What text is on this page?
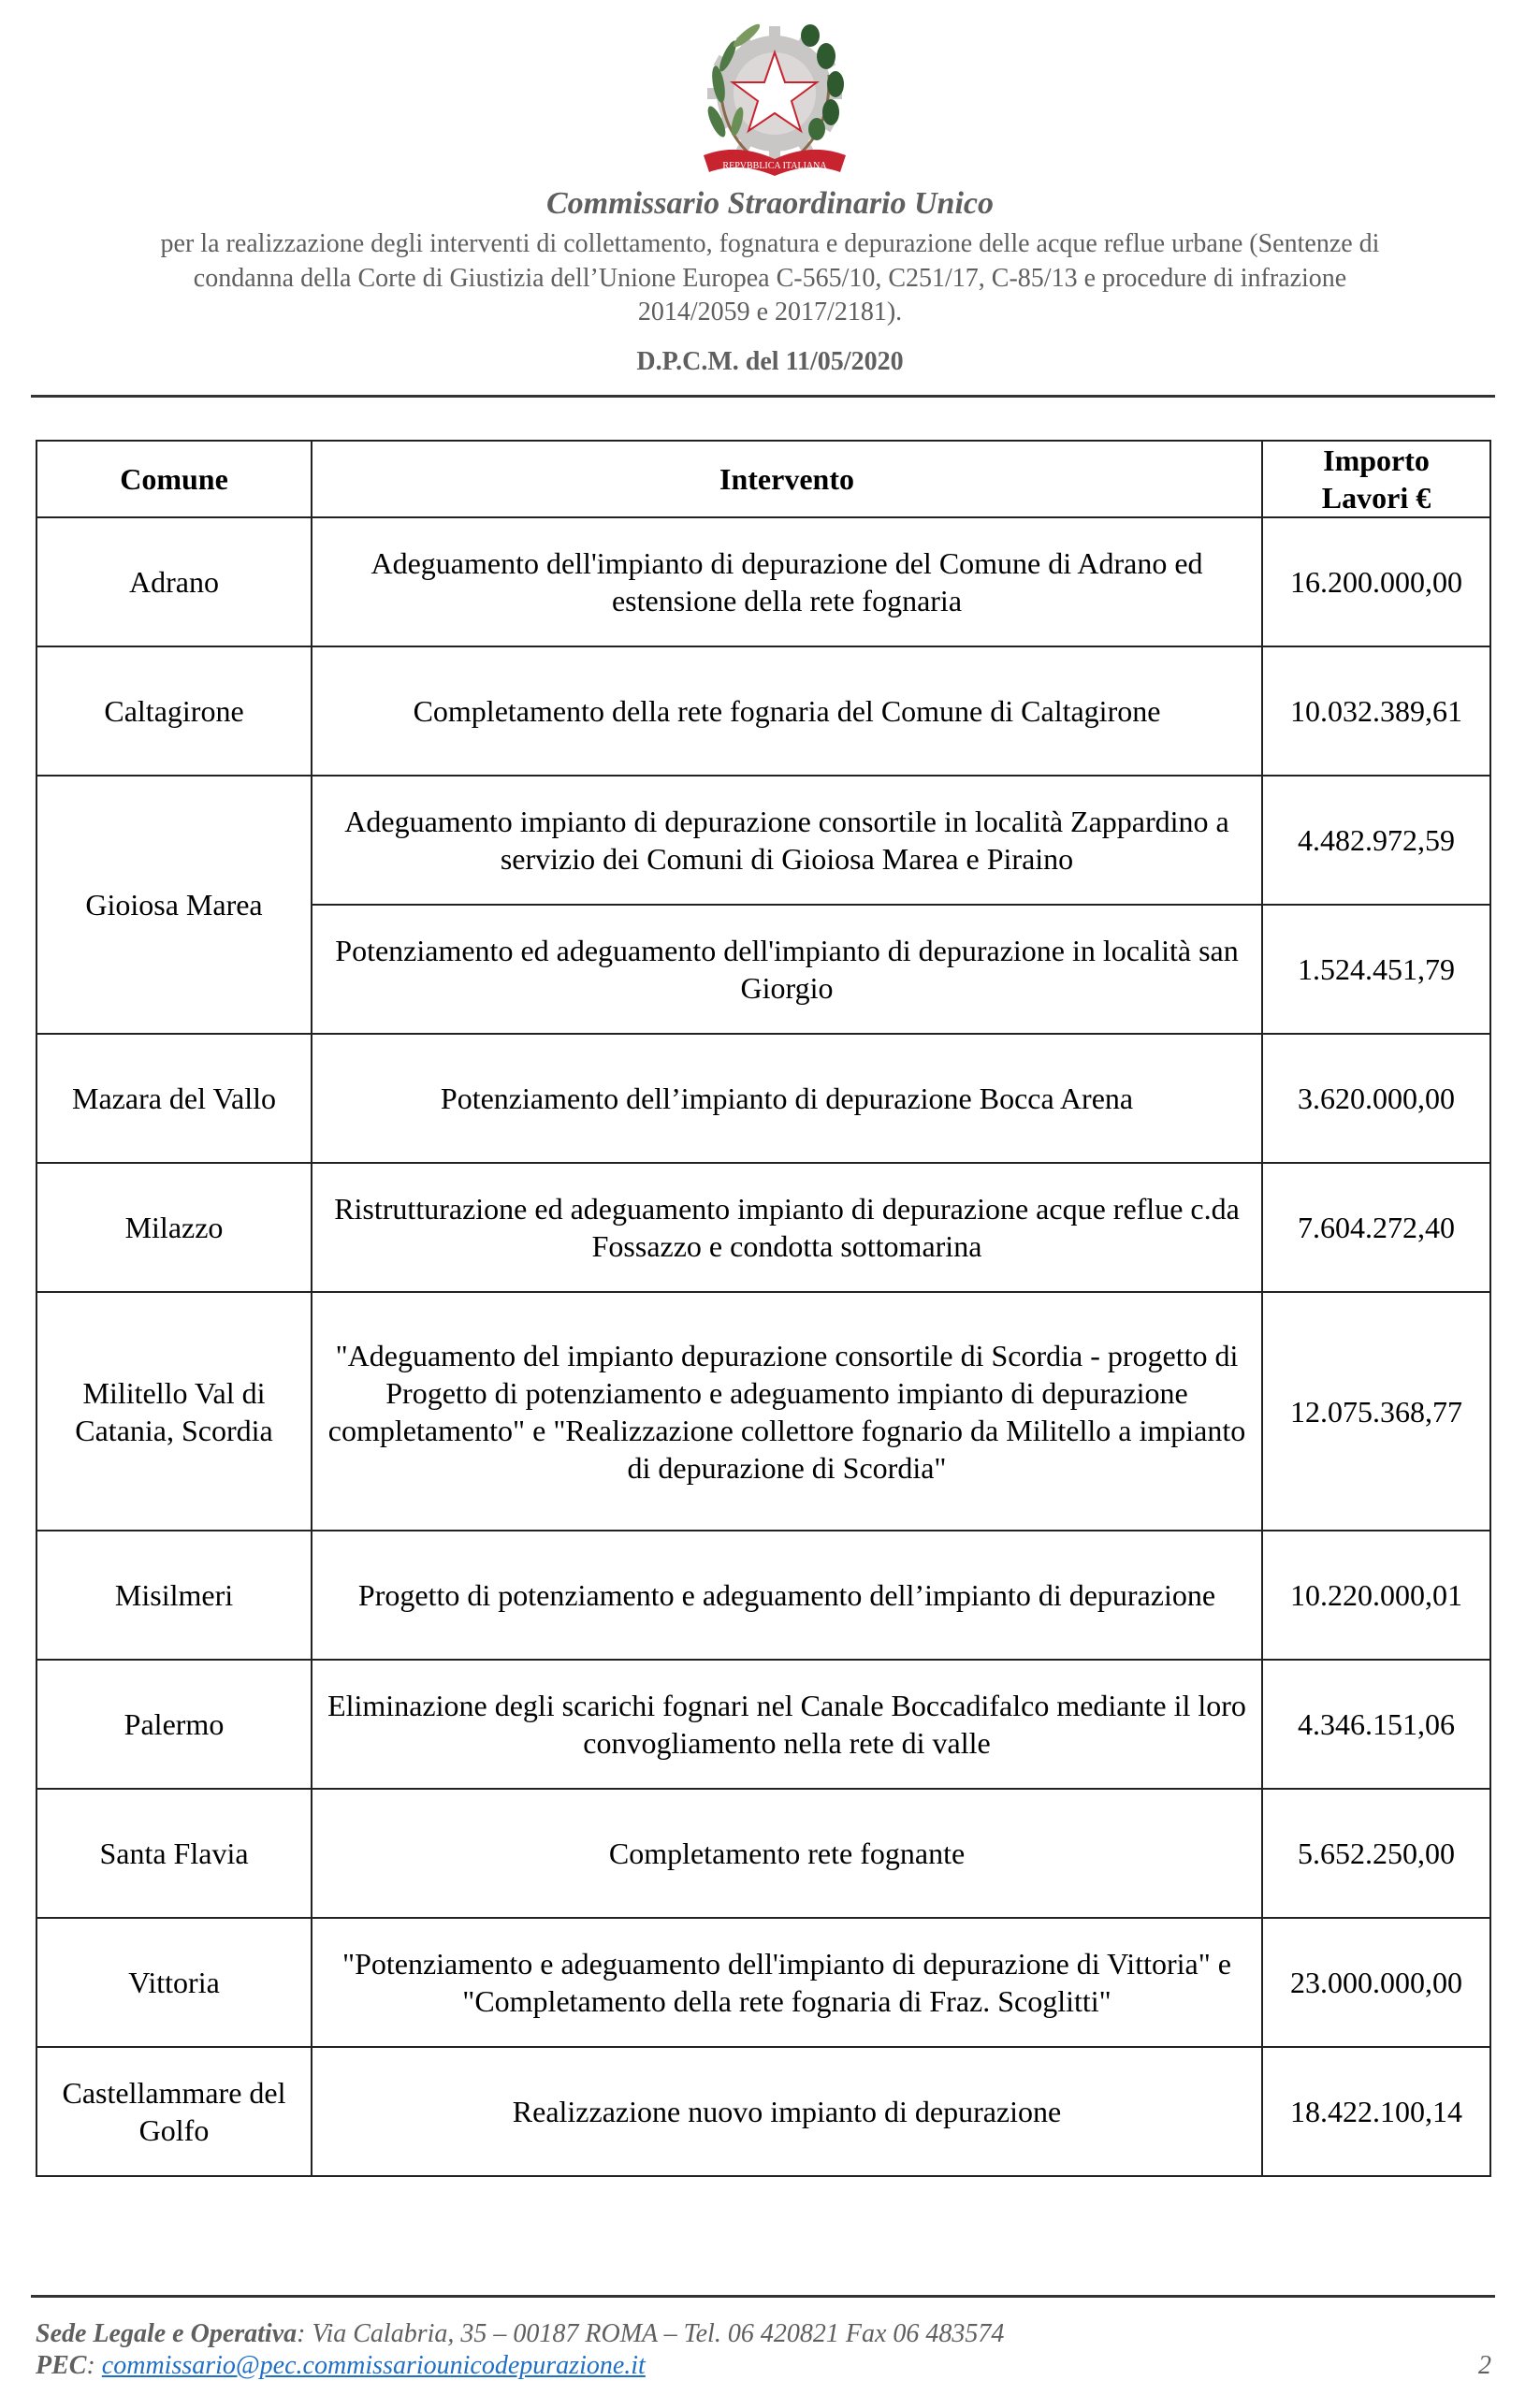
REPVBBLICA ITALIANA
Commissario Straordinario Unico
per la realizzazione degli interventi di collettamento, fognatura e depurazione delle acque reflue urbane (Sentenze di
condanna della Corte di Giustizia dell’Unione Europea C-565/10, C251/17, C-85/13 e procedure di infrazione
2014/2059 e 2017/2181).
D.P.C.M. del 11/05/2020
Comune	Intervento	Importo
Lavori €

Adrano	Adeguamento dell'impianto di depurazione del Comune di Adrano ed estensione della rete fognaria	16.200.000,00
Caltagirone	Completamento della rete fognaria del Comune di Caltagirone	10.032.389,61
Gioiosa Marea	Adeguamento impianto di depurazione consortile in località Zappardino a servizio dei Comuni di Gioiosa Marea e Piraino	4.482.972,59
	Potenziamento ed adeguamento dell'impianto di depurazione in località san Giorgio	1.524.451,79
Mazara del Vallo	Potenziamento dell’impianto di depurazione Bocca Arena	3.620.000,00
Milazzo	Ristrutturazione ed adeguamento impianto di depurazione acque reflue c.da Fossazzo e condotta sottomarina	7.604.272,40
Militello Val di Catania, Scordia	"Adeguamento del impianto depurazione consortile di Scordia - progetto di Progetto di potenziamento e adeguamento impianto di depurazione completamento" e "Realizzazione collettore fognario da Militello a impianto di depurazione di Scordia"	12.075.368,77
Misilmeri	Progetto di potenziamento e adeguamento dell’impianto di depurazione	10.220.000,01
Palermo	Eliminazione degli scarichi fognari nel Canale Boccadifalco mediante il loro convogliamento nella rete di valle	4.346.151,06
Santa Flavia	Completamento rete fognante	5.652.250,00
Vittoria	"Potenziamento e adeguamento dell'impianto di depurazione di Vittoria" e "Completamento della rete fognaria di Fraz. Scoglitti"	23.000.000,00
Castellammare del Golfo	Realizzazione nuovo impianto di depurazione	18.422.100,14
Sede Legale e Operativa: Via Calabria, 35 – 00187 ROMA – Tel. 06 420821 Fax 06 483574
PEC: commissario@pec.commissariounicodepurazione.it	2
